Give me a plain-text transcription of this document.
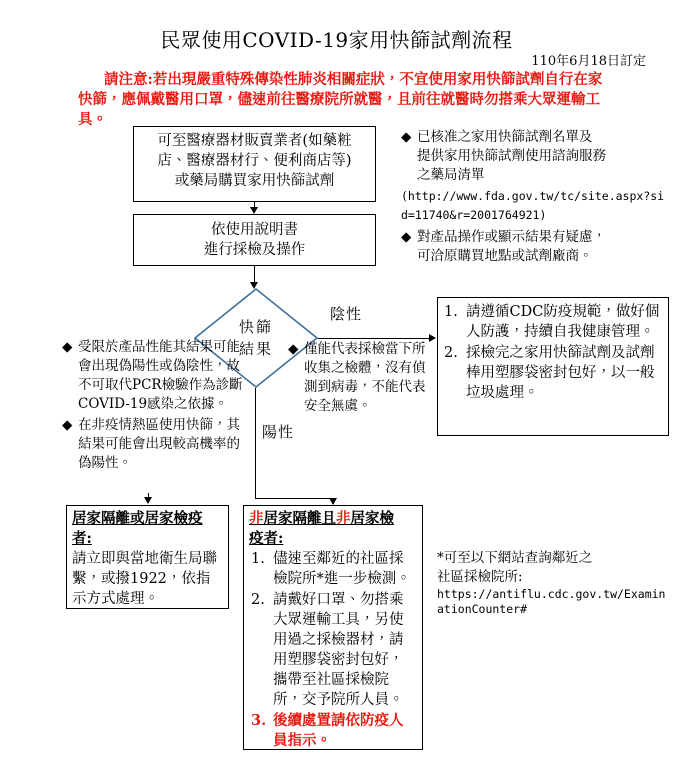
民眾使用COVID-19家用快篩試劑流程
110年6月18日訂定
請注意:若出現嚴重特殊傳染性肺炎相關症狀，不宜使用家用快篩試劑自行在家快篩，應佩戴醫用口罩，儘速前往醫療院所就醫，且前往就醫時勿搭乘大眾運輸工具。
可至醫療器材販賣業者(如藥粧
店、醫療器材行、便利商店等)
或藥局購買家用快篩試劑
依使用說明書
進行採檢及操作
快篩
結果
陰性
陽性
◆ 已核准之家用快篩試劑名單及
提供家用快篩試劑使用諮詢服務
之藥局清單
(http://www.fda.gov.tw/tc/site.aspx?sid=11740&r=2001764921)
◆ 對產品操作或顯示結果有疑慮，
可洽原購買地點或試劑廠商。
◆ 受限於產品性能其結果可能會出現偽陽性或偽陰性，故不可取代PCR檢驗作為診斷COVID-19感染之依據。
◆ 在非疫情熱區使用快篩，其結果可能會出現較高機率的偽陽性。
◆ 僅能代表採檢當下所收集之檢體，沒有偵測到病毒，不能代表安全無虞。
1. 請遵循CDC防疫規範，做好個人防護，持續自我健康管理。
2. 採檢完之家用快篩試劑及試劑棒用塑膠袋密封包好，以一般垃圾處理。
居家隔離或居家檢疫
者:
請立即與當地衛生局聯繫，或撥1922，依指示方式處理。
非居家隔離且非居家檢
疫者:
1. 儘速至鄰近的社區採檢院所*進一步檢測。
2. 請戴好口罩、勿搭乘大眾運輸工具，另使用過之採檢器材，請用塑膠袋密封包好，攜帶至社區採檢院所，交予院所人員。
3. 後續處置請依防疫人員指示。
*可至以下網站查詢鄰近之
社區採檢院所:
https://antiflu.cdc.gov.tw/ExaminationCounter#
